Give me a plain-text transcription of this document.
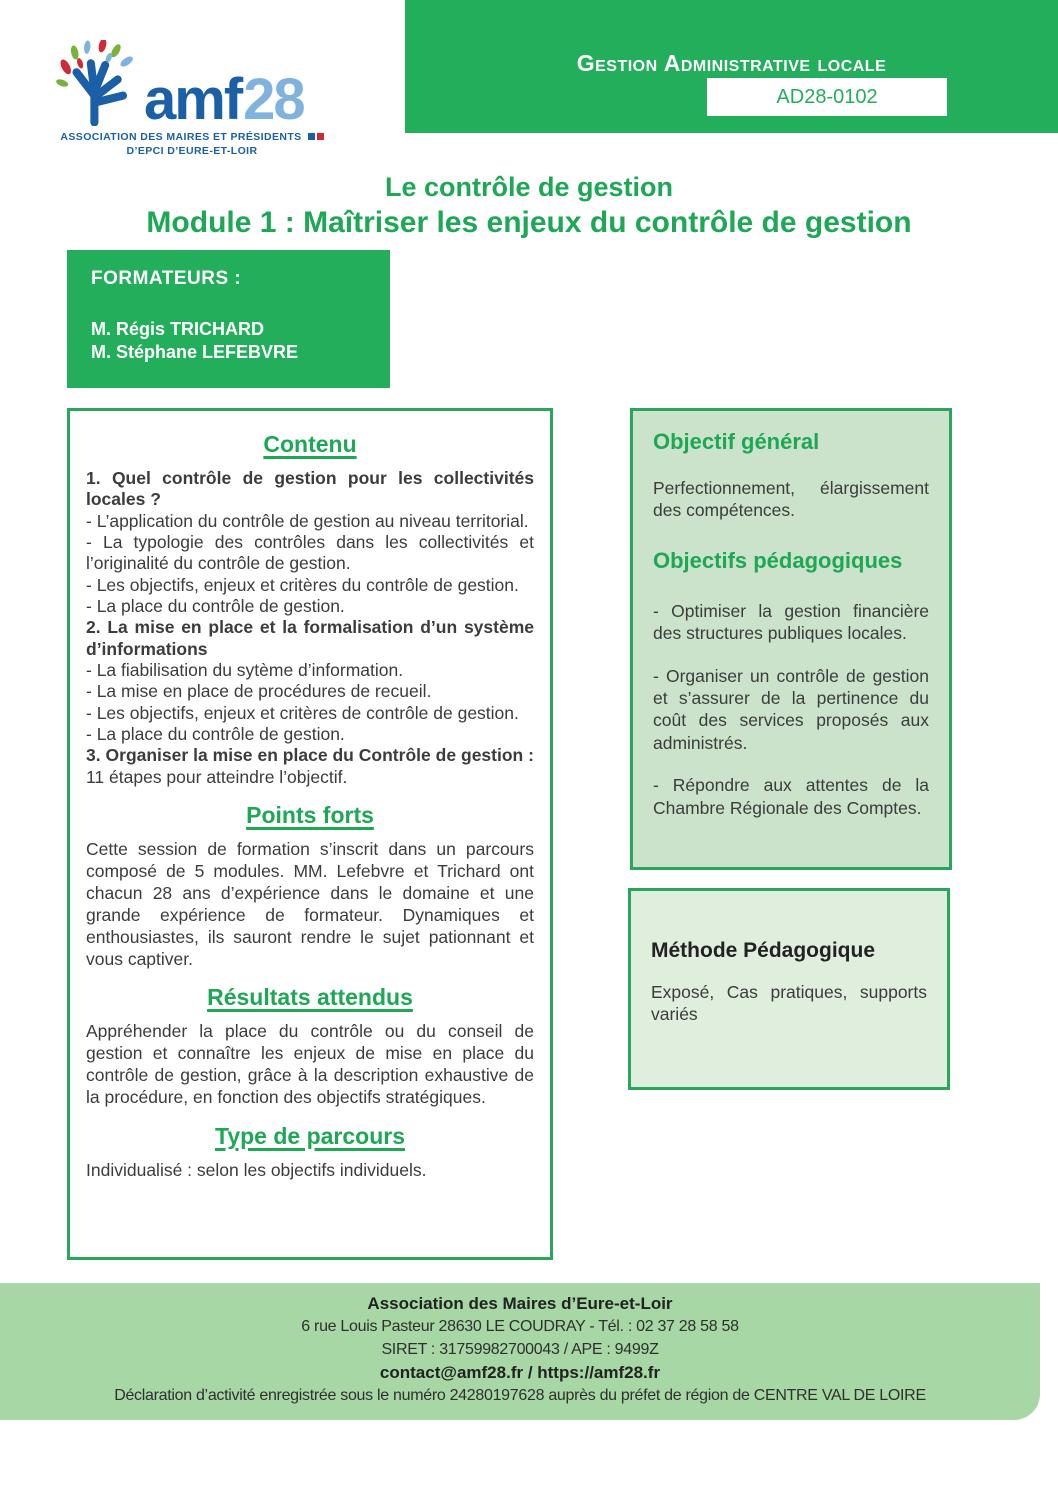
Gestion Administrative locale
AD28-0102
amf28
ASSOCIATION DES MAIRES ET PRÉSIDENTS
D’EPCI D’EURE-ET-LOIR
Le contrôle de gestion
Module 1 : Maîtriser les enjeux du contrôle de gestion
FORMATEURS :
M. Régis TRICHARD
M. Stéphane LEFEBVRE
Contenu

1. Quel contrôle de gestion pour les collectivités locales ?

- L’application du contrôle de gestion au niveau territorial.

- La typologie des contrôles dans les collectivités et l’originalité du contrôle de gestion.

- Les objectifs, enjeux et critères du contrôle de gestion.

- La place du contrôle de gestion.

2. La mise en place et la formalisation d’un système d’informations

- La fiabilisation du sytème d’information.

- La mise en place de procédures de recueil.

- Les objectifs, enjeux et critères de contrôle de gestion.

- La place du contrôle de gestion.

3. Organiser la mise en place du Contrôle de gestion : 11 étapes pour atteindre l’objectif.

Points forts
Cette session de formation s’inscrit dans un parcours composé de 5 modules. MM. Lefebvre et Trichard ont chacun 28 ans d’expérience dans le domaine et une grande expérience de formateur. Dynamiques et enthousiastes, ils sauront rendre le sujet pationnant et vous captiver.
Résultats attendus
Appréhender la place du contrôle ou du conseil de gestion et connaître les enjeux de mise en place du contrôle de gestion, grâce à la description exhaustive de la procédure, en fonction des objectifs stratégiques.
Type de parcours
Individualisé : selon les objectifs individuels.
Objectif général

Perfectionnement, élargissement des compétences.

Objectifs pédagogiques

- Optimiser la gestion financière des structures publiques locales.

- Organiser un contrôle de gestion et s’assurer de la pertinence du coût des services proposés aux administrés.

- Répondre aux attentes de la Chambre Régionale des Comptes.

Méthode Pédagogique

Exposé, Cas pratiques, supports variés

Association des Maires d’Eure-et-Loir
6 rue Louis Pasteur 28630 LE COUDRAY - Tél. : 02 37 28 58 58
SIRET : 31759982700043 / APE : 9499Z
contact@amf28.fr / https://amf28.fr
Déclaration d’activité enregistrée sous le numéro 24280197628 auprès du préfet de région de CENTRE VAL DE LOIRE
